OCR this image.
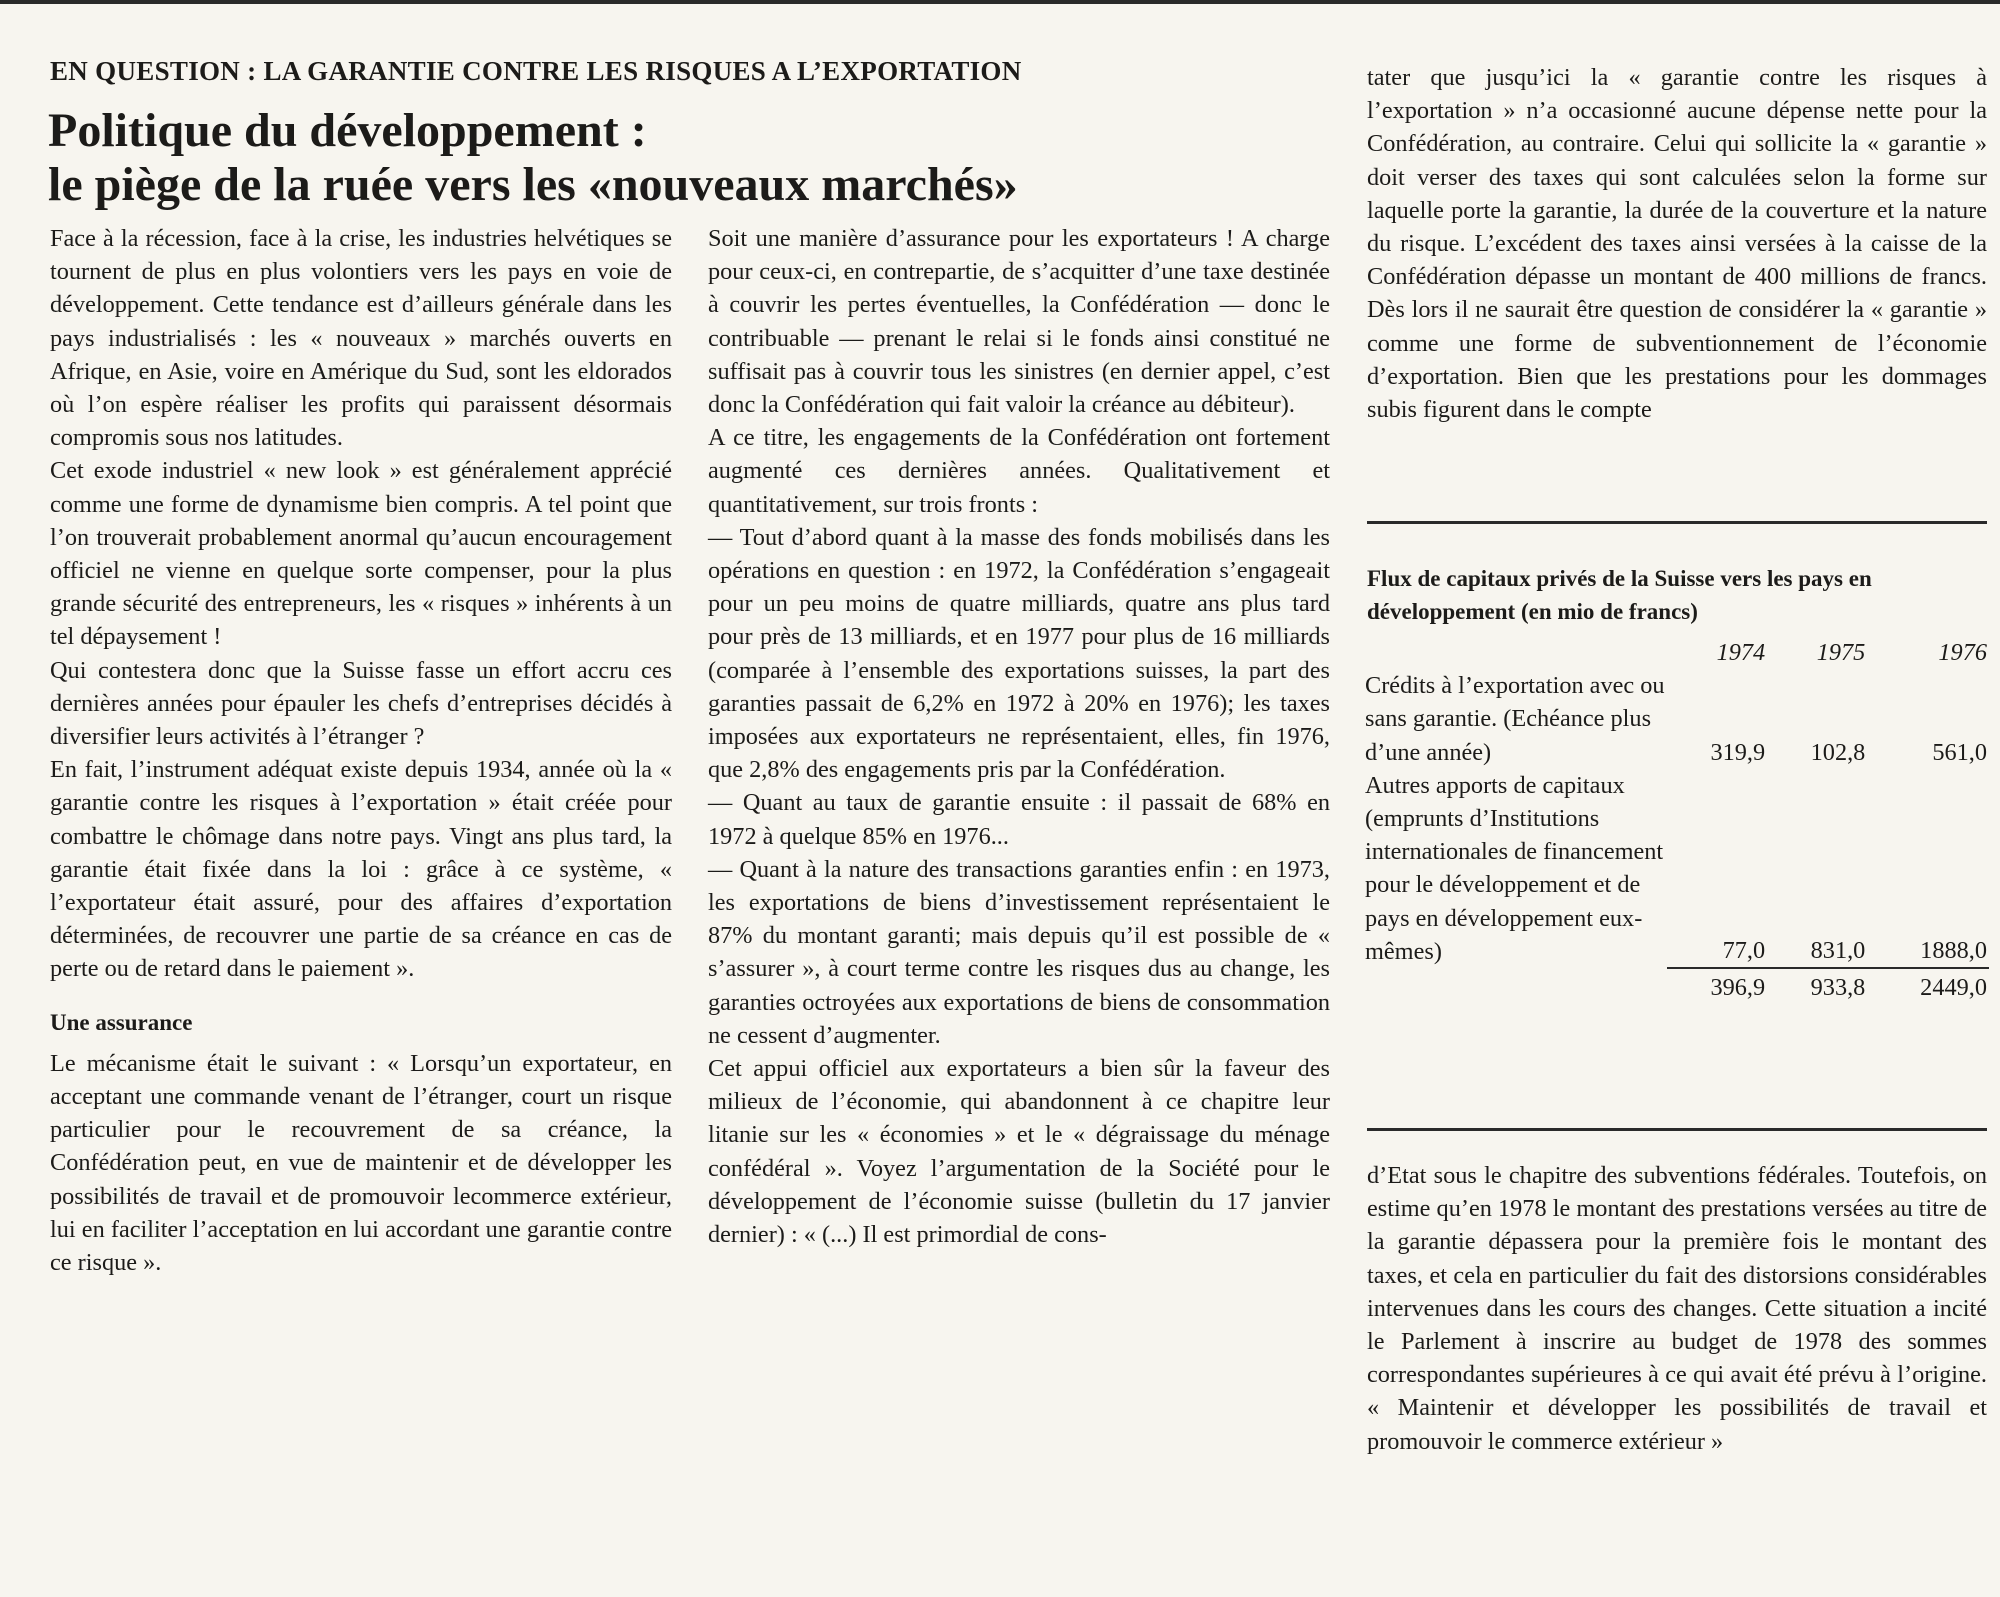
EN QUESTION : LA GARANTIE CONTRE LES RISQUES A L’EXPORTATION
Politique du développement :
le piège de la ruée vers les «nouveaux marchés»

Face à la récession, face à la crise, les industries helvétiques se tournent de plus en plus volontiers vers les pays en voie de développement. Cette tendance est d’ailleurs générale dans les pays industrialisés : les « nouveaux » marchés ouverts en Afrique, en Asie, voire en Amérique du Sud, sont les eldorados où l’on espère réaliser les profits qui paraissent désormais compromis sous nos latitudes.

Cet exode industriel « new look » est généralement apprécié comme une forme de dynamisme bien compris. A tel point que l’on trouverait probablement anormal qu’aucun encouragement officiel ne vienne en quelque sorte compenser, pour la plus grande sécurité des entrepreneurs, les « risques » inhérents à un tel dépaysement !

Qui contestera donc que la Suisse fasse un effort accru ces dernières années pour épauler les chefs d’entreprises décidés à diversifier leurs activités à l’étranger ?

En fait, l’instrument adéquat existe depuis 1934, année où la « garantie contre les risques à l’exportation » était créée pour combattre le chômage dans notre pays. Vingt ans plus tard, la garantie était fixée dans la loi : grâce à ce système, « l’exportateur était assuré, pour des affaires d’exportation déterminées, de recouvrer une partie de sa créance en cas de perte ou de retard dans le paiement ».

Une assurance

Le mécanisme était le suivant : « Lorsqu’un exportateur, en acceptant une commande venant de l’étranger, court un risque particulier pour le recouvrement de sa créance, la Confédération peut, en vue de maintenir et de développer les possibilités de travail et de promouvoir lecommerce extérieur, lui en faciliter l’acceptation en lui accordant une garantie contre ce risque ».

Soit une manière d’assurance pour les exportateurs ! A charge pour ceux-ci, en contrepartie, de s’acquitter d’une taxe destinée à couvrir les pertes éventuelles, la Confédération — donc le contribuable — prenant le relai si le fonds ainsi constitué ne suffisait pas à couvrir tous les sinistres (en dernier appel, c’est donc la Confédération qui fait valoir la créance au débiteur).

A ce titre, les engagements de la Confédération ont fortement augmenté ces dernières années. Qualitativement et quantitativement, sur trois fronts :

— Tout d’abord quant à la masse des fonds mobilisés dans les opérations en question : en 1972, la Confédération s’engageait pour un peu moins de quatre milliards, quatre ans plus tard pour près de 13 milliards, et en 1977 pour plus de 16 milliards (comparée à l’ensemble des exportations suisses, la part des garanties passait de 6,2% en 1972 à 20% en 1976); les taxes imposées aux exportateurs ne représentaient, elles, fin 1976, que 2,8% des engagements pris par la Confédération.

— Quant au taux de garantie ensuite : il passait de 68% en 1972 à quelque 85% en 1976...

— Quant à la nature des transactions garanties enfin : en 1973, les exportations de biens d’investissement représentaient le 87% du montant garanti; mais depuis qu’il est possible de « s’assurer », à court terme contre les risques dus au change, les garanties octroyées aux exportations de biens de consommation ne cessent d’augmenter.

Cet appui officiel aux exportateurs a bien sûr la faveur des milieux de l’économie, qui abandonnent à ce chapitre leur litanie sur les « économies » et le « dégraissage du ménage confédéral ». Voyez l’argumentation de la Société pour le développement de l’économie suisse (bulletin du 17 janvier dernier) : « (...) Il est primordial de cons-

tater que jusqu’ici la « garantie contre les risques à l’exportation » n’a occasionné aucune dépense nette pour la Confédération, au contraire. Celui qui sollicite la « garantie » doit verser des taxes qui sont calculées selon la forme sur laquelle porte la garantie, la durée de la couverture et la nature du risque. L’excédent des taxes ainsi versées à la caisse de la Confédération dépasse un montant de 400 millions de francs. Dès lors il ne saurait être question de considérer la « garantie » comme une forme de subventionnement de l’économie d’exportation. Bien que les prestations pour les dommages subis figurent dans le compte

Flux de capitaux privés de la Suisse vers les pays en développement (en mio de francs)
	1974	1975	1976
Crédits à l’exportation avec ou sans garantie. (Echéance plus d’une année)	319,9	102,8	561,0
Autres apports de capitaux (emprunts d’Institutions internationales de financement pour le développement et de pays en développement eux-mêmes)	77,0	831,0	1888,0
	396,9	933,8	2449,0

d’Etat sous le chapitre des subventions fédérales. Toutefois, on estime qu’en 1978 le montant des prestations versées au titre de la garantie dépassera pour la première fois le montant des taxes, et cela en particulier du fait des distorsions considérables intervenues dans les cours des changes. Cette situation a incité le Parlement à inscrire au budget de 1978 des sommes correspondantes supérieures à ce qui avait été prévu à l’origine. « Maintenir et développer les possibilités de travail et promouvoir le commerce extérieur »
